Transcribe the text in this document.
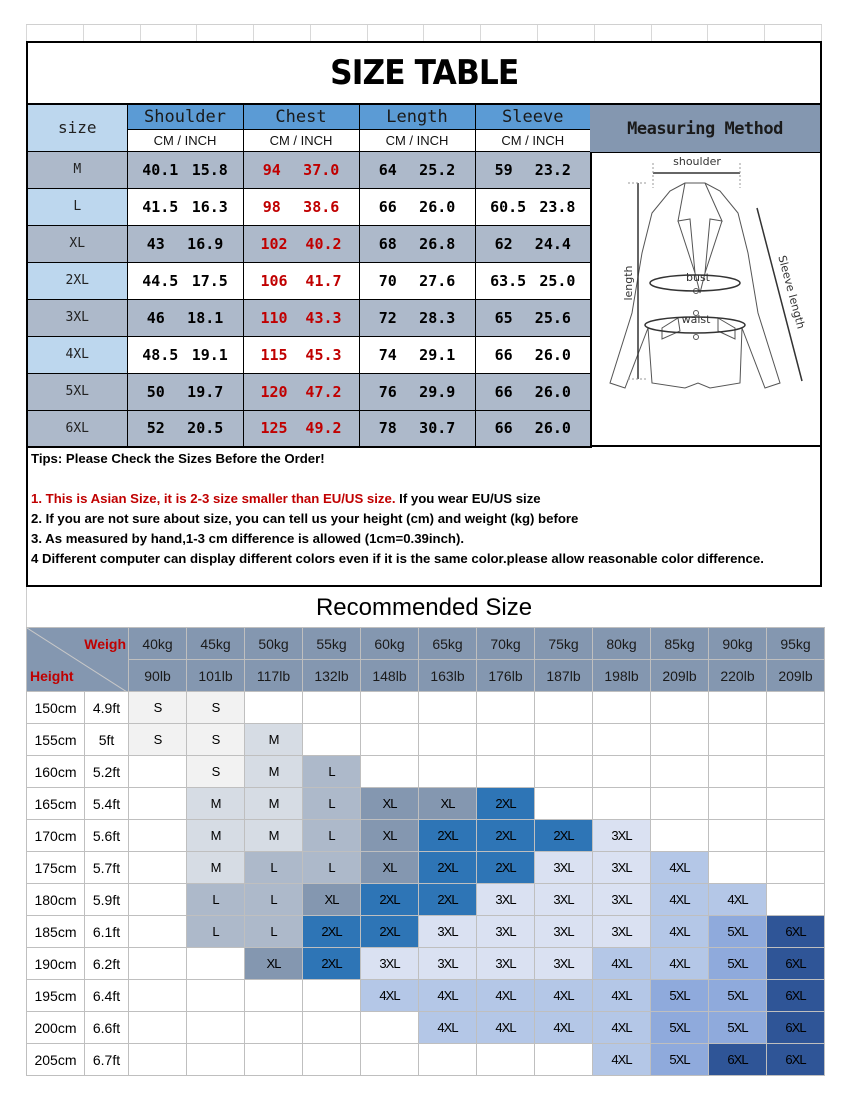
SIZE TABLE
size	Shoulder	Chest	Length	Sleeve
	CM / INCH	CM / INCH	CM / INCH	CM / INCH
M	40.1 15.8	94 37.0	64 25.2	59 23.2

L	41.5 16.3	98 38.6	66 26.0	60.5 23.8

XL	43 16.9	102 40.2	68 26.8	62 24.4

2XL	44.5 17.5	106 41.7	70 27.6	63.5 25.0

3XL	46 18.1	110 43.3	72 28.3	65 25.6

4XL	48.5 19.1	115 45.3	74 29.1	66 26.0

5XL	50 19.7	120 47.2	76 29.9	66 26.0

6XL	52 20.5	125 49.2	78 30.7	66 26.0
Measuring Method
shoulder
length	bust
waist	Sleeve length

Tips: Please Check the Sizes Before the Order!

1. This is Asian Size, it is 2-3 size smaller than EU/US size. If you wear EU/US size

2. If you are not sure about size, you can tell us your height (cm) and weight (kg) before

3. As measured by hand,1-3 cm difference is allowed (1cm=0.39inch).

4 Different computer can display different colors even if it is the same color.please allow reasonable color difference.

Recommended Size
Weigh
Height		40kg	45kg	50kg	55kg	60kg	65kg	70kg	75kg	80kg	85kg	90kg	95kg
		90lb	101lb	117lb	132lb	148lb	163lb	176lb	187lb	198lb	209lb	220lb	209lb
150cm	4.9ft	S	S										
155cm	5ft	S	S	M									
160cm	5.2ft		S	M	L								
165cm	5.4ft		M	M	L	XL	XL	2XL					
170cm	5.6ft		M	M	L	XL	2XL	2XL	2XL	3XL			
175cm	5.7ft		M	L	L	XL	2XL	2XL	3XL	3XL	4XL		
180cm	5.9ft		L	L	XL	2XL	2XL	3XL	3XL	3XL	4XL	4XL	
185cm	6.1ft		L	L	2XL	2XL	3XL	3XL	3XL	3XL	4XL	5XL	6XL
190cm	6.2ft			XL	2XL	3XL	3XL	3XL	3XL	4XL	4XL	5XL	6XL
195cm	6.4ft					4XL	4XL	4XL	4XL	4XL	5XL	5XL	6XL
200cm	6.6ft						4XL	4XL	4XL	4XL	5XL	5XL	6XL
205cm	6.7ft									4XL	5XL	6XL	6XL
